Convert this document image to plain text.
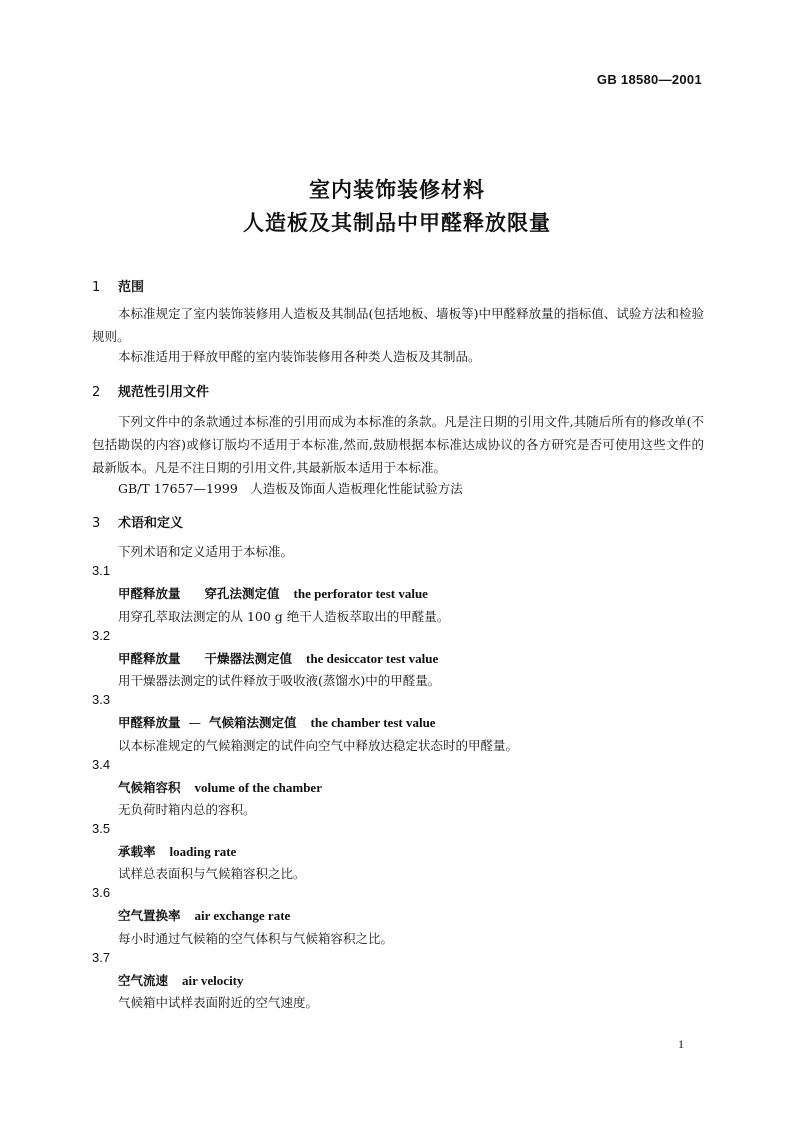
GB 18580—2001
室内装饰装修材料
人造板及其制品中甲醛释放限量
1 范围
本标准规定了室内装饰装修用人造板及其制品(包括地板、墙板等)中甲醛释放量的指标值、试验方法和检验规则。
本标准适用于释放甲醛的室内装饰装修用各种类人造板及其制品。
2 规范性引用文件
下列文件中的条款通过本标准的引用而成为本标准的条款。凡是注日期的引用文件,其随后所有的修改单(不包括勘误的内容)或修订版均不适用于本标准,然而,鼓励根据本标准达成协议的各方研究是否可使用这些文件的最新版本。凡是不注日期的引用文件,其最新版本适用于本标准。
GB/T 17657—1999　人造板及饰面人造板理化性能试验方法
3 术语和定义
下列术语和定义适用于本标准。
3.1
甲醛释放量 穿孔法测定值 the perforator test value
用穿孔萃取法测定的从 100 g 绝干人造板萃取出的甲醛量。
3.2
甲醛释放量 干燥器法测定值 the desiccator test value
用干燥器法测定的试件释放于吸收液(蒸馏水)中的甲醛量。
3.3
甲醛释放量 — 气候箱法测定值 the chamber test value
以本标准规定的气候箱测定的试件向空气中释放达稳定状态时的甲醛量。
3.4
气候箱容积 volume of the chamber
无负荷时箱内总的容积。
3.5
承载率 loading rate
试样总表面积与气候箱容积之比。
3.6
空气置换率 air exchange rate
每小时通过气候箱的空气体积与气候箱容积之比。
3.7
空气流速 air velocity
气候箱中试样表面附近的空气速度。
1
